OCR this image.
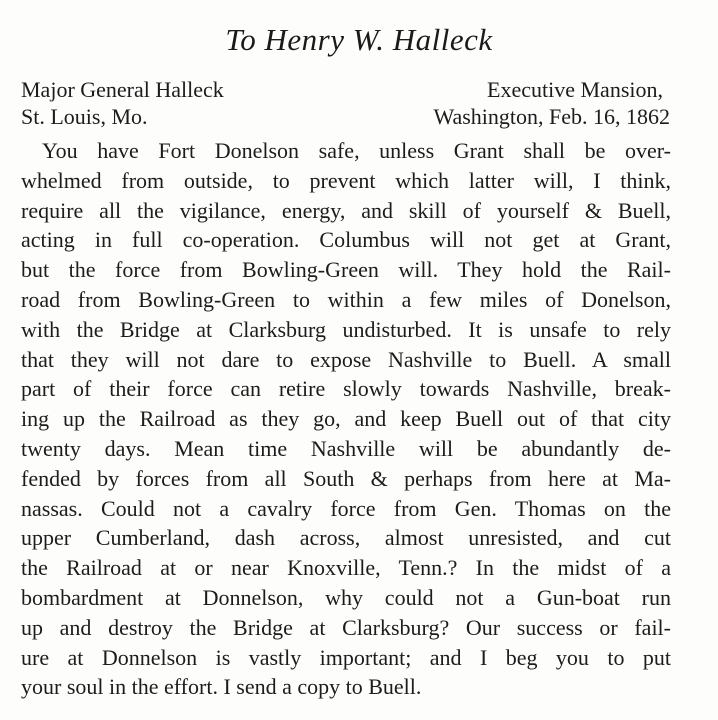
To Henry W. Halleck
Major General Halleck
St. Louis, Mo.
Executive Mansion,
Washington, Feb. 16, 1862
You have Fort Donelson safe, unless Grant shall be over-
whelmed from outside, to prevent which latter will, I think,
require all the vigilance, energy, and skill of yourself & Buell,
acting in full co-operation. Columbus will not get at Grant,
but the force from Bowling-Green will. They hold the Rail-
road from Bowling-Green to within a few miles of Donelson,
with the Bridge at Clarksburg undisturbed. It is unsafe to rely
that they will not dare to expose Nashville to Buell. A small
part of their force can retire slowly towards Nashville, break-
ing up the Railroad as they go, and keep Buell out of that city
twenty days. Mean time Nashville will be abundantly de-
fended by forces from all South & perhaps from here at Ma-
nassas. Could not a cavalry force from Gen. Thomas on the
upper Cumberland, dash across, almost unresisted, and cut
the Railroad at or near Knoxville, Tenn.? In the midst of a
bombardment at Donnelson, why could not a Gun-boat run
up and destroy the Bridge at Clarksburg? Our success or fail-
ure at Donnelson is vastly important; and I beg you to put
your soul in the effort. I send a copy to Buell.
